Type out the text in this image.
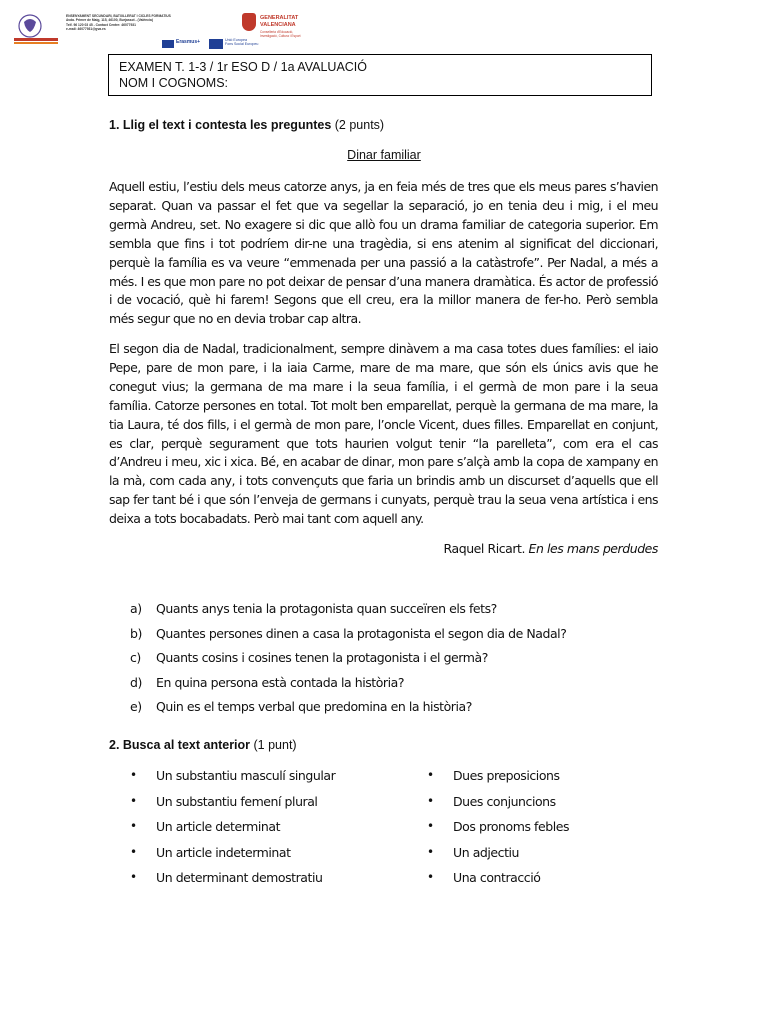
ENSENYAMENT SECUNDARI, BATXILLERAT I CICLES FORMATIUS
Avda. Primer de Maig, 115, 46100, Burjassot - (València)
Telf. 96 120 03 45 - Contact Centre: 46077931
e-mail: 46077931@gva.es
Erasmus+	Unió Europea
Fons Social Europeu
GENERALITAT
VALENCIANA
Conselleria d'Educació,
Investigació, Cultura i Esport
EXAMEN T. 1-3 / 1r ESO D / 1a AVALUACIÓ
NOM I COGNOMS:
1. Llig el text i contesta les preguntes (2 punts)
Dinar familiar
Aquell estiu, l’estiu dels meus catorze anys, ja en feia més de tres que els meus pares s’havien separat. Quan va passar el fet que va segellar la separació, jo en tenia deu i mig, i el meu germà Andreu, set. No exagere si dic que allò fou un drama familiar de categoria superior. Em sembla que fins i tot podríem dir-ne una tragèdia, si ens atenim al significat del diccionari, perquè la família es va veure “emmenada per una passió a la catàstrofe”. Per Nadal, a més a més. I es que mon pare no pot deixar de pensar d’una manera dramàtica. És actor de professió i de vocació, què hi farem! Segons que ell creu, era la millor manera de fer-ho. Però sembla més segur que no en devia trobar cap altra.
El segon dia de Nadal, tradicionalment, sempre dinàvem a ma casa totes dues famílies: el iaio Pepe, pare de mon pare, i la iaia Carme, mare de ma mare, que són els únics avis que he conegut vius; la germana de ma mare i la seua família, i el germà de mon pare i la seua família. Catorze persones en total. Tot molt ben emparellat, perquè la germana de ma mare, la tia Laura, té dos fills, i el germà de mon pare, l’oncle Vicent, dues filles. Emparellat en conjunt, es clar, perquè segurament que tots haurien volgut tenir “la parelleta”, com era el cas d’Andreu i meu, xic i xica. Bé, en acabar de dinar, mon pare s’alçà amb la copa de xampany en la mà, com cada any, i tots convençuts que faria un brindis amb un discurset d’aquells que ell sap fer tant bé i que són l’enveja de germans i cunyats, perquè trau la seua vena artística i ens deixa a tots bocabadats. Però mai tant com aquell any.
Raquel Ricart. En les mans perdudes
a)	Quants anys tenia la protagonista quan succeïren els fets?
b)	Quantes persones dinen a casa la protagonista el segon dia de Nadal?
c)	Quants cosins i cosines tenen la protagonista i el germà?
d)	En quina persona està contada la història?
e)	Quin es el temps verbal que predomina en la història?
2. Busca al text anterior (1 punt)
•	Un substantiu masculí singular
•	Un substantiu femení plural
•	Un article determinat
•	Un article indeterminat
•	Un determinant demostratiu
•	Dues preposicions
•	Dues conjuncions
•	Dos pronoms febles
•	Un adjectiu
•	Una contracció
